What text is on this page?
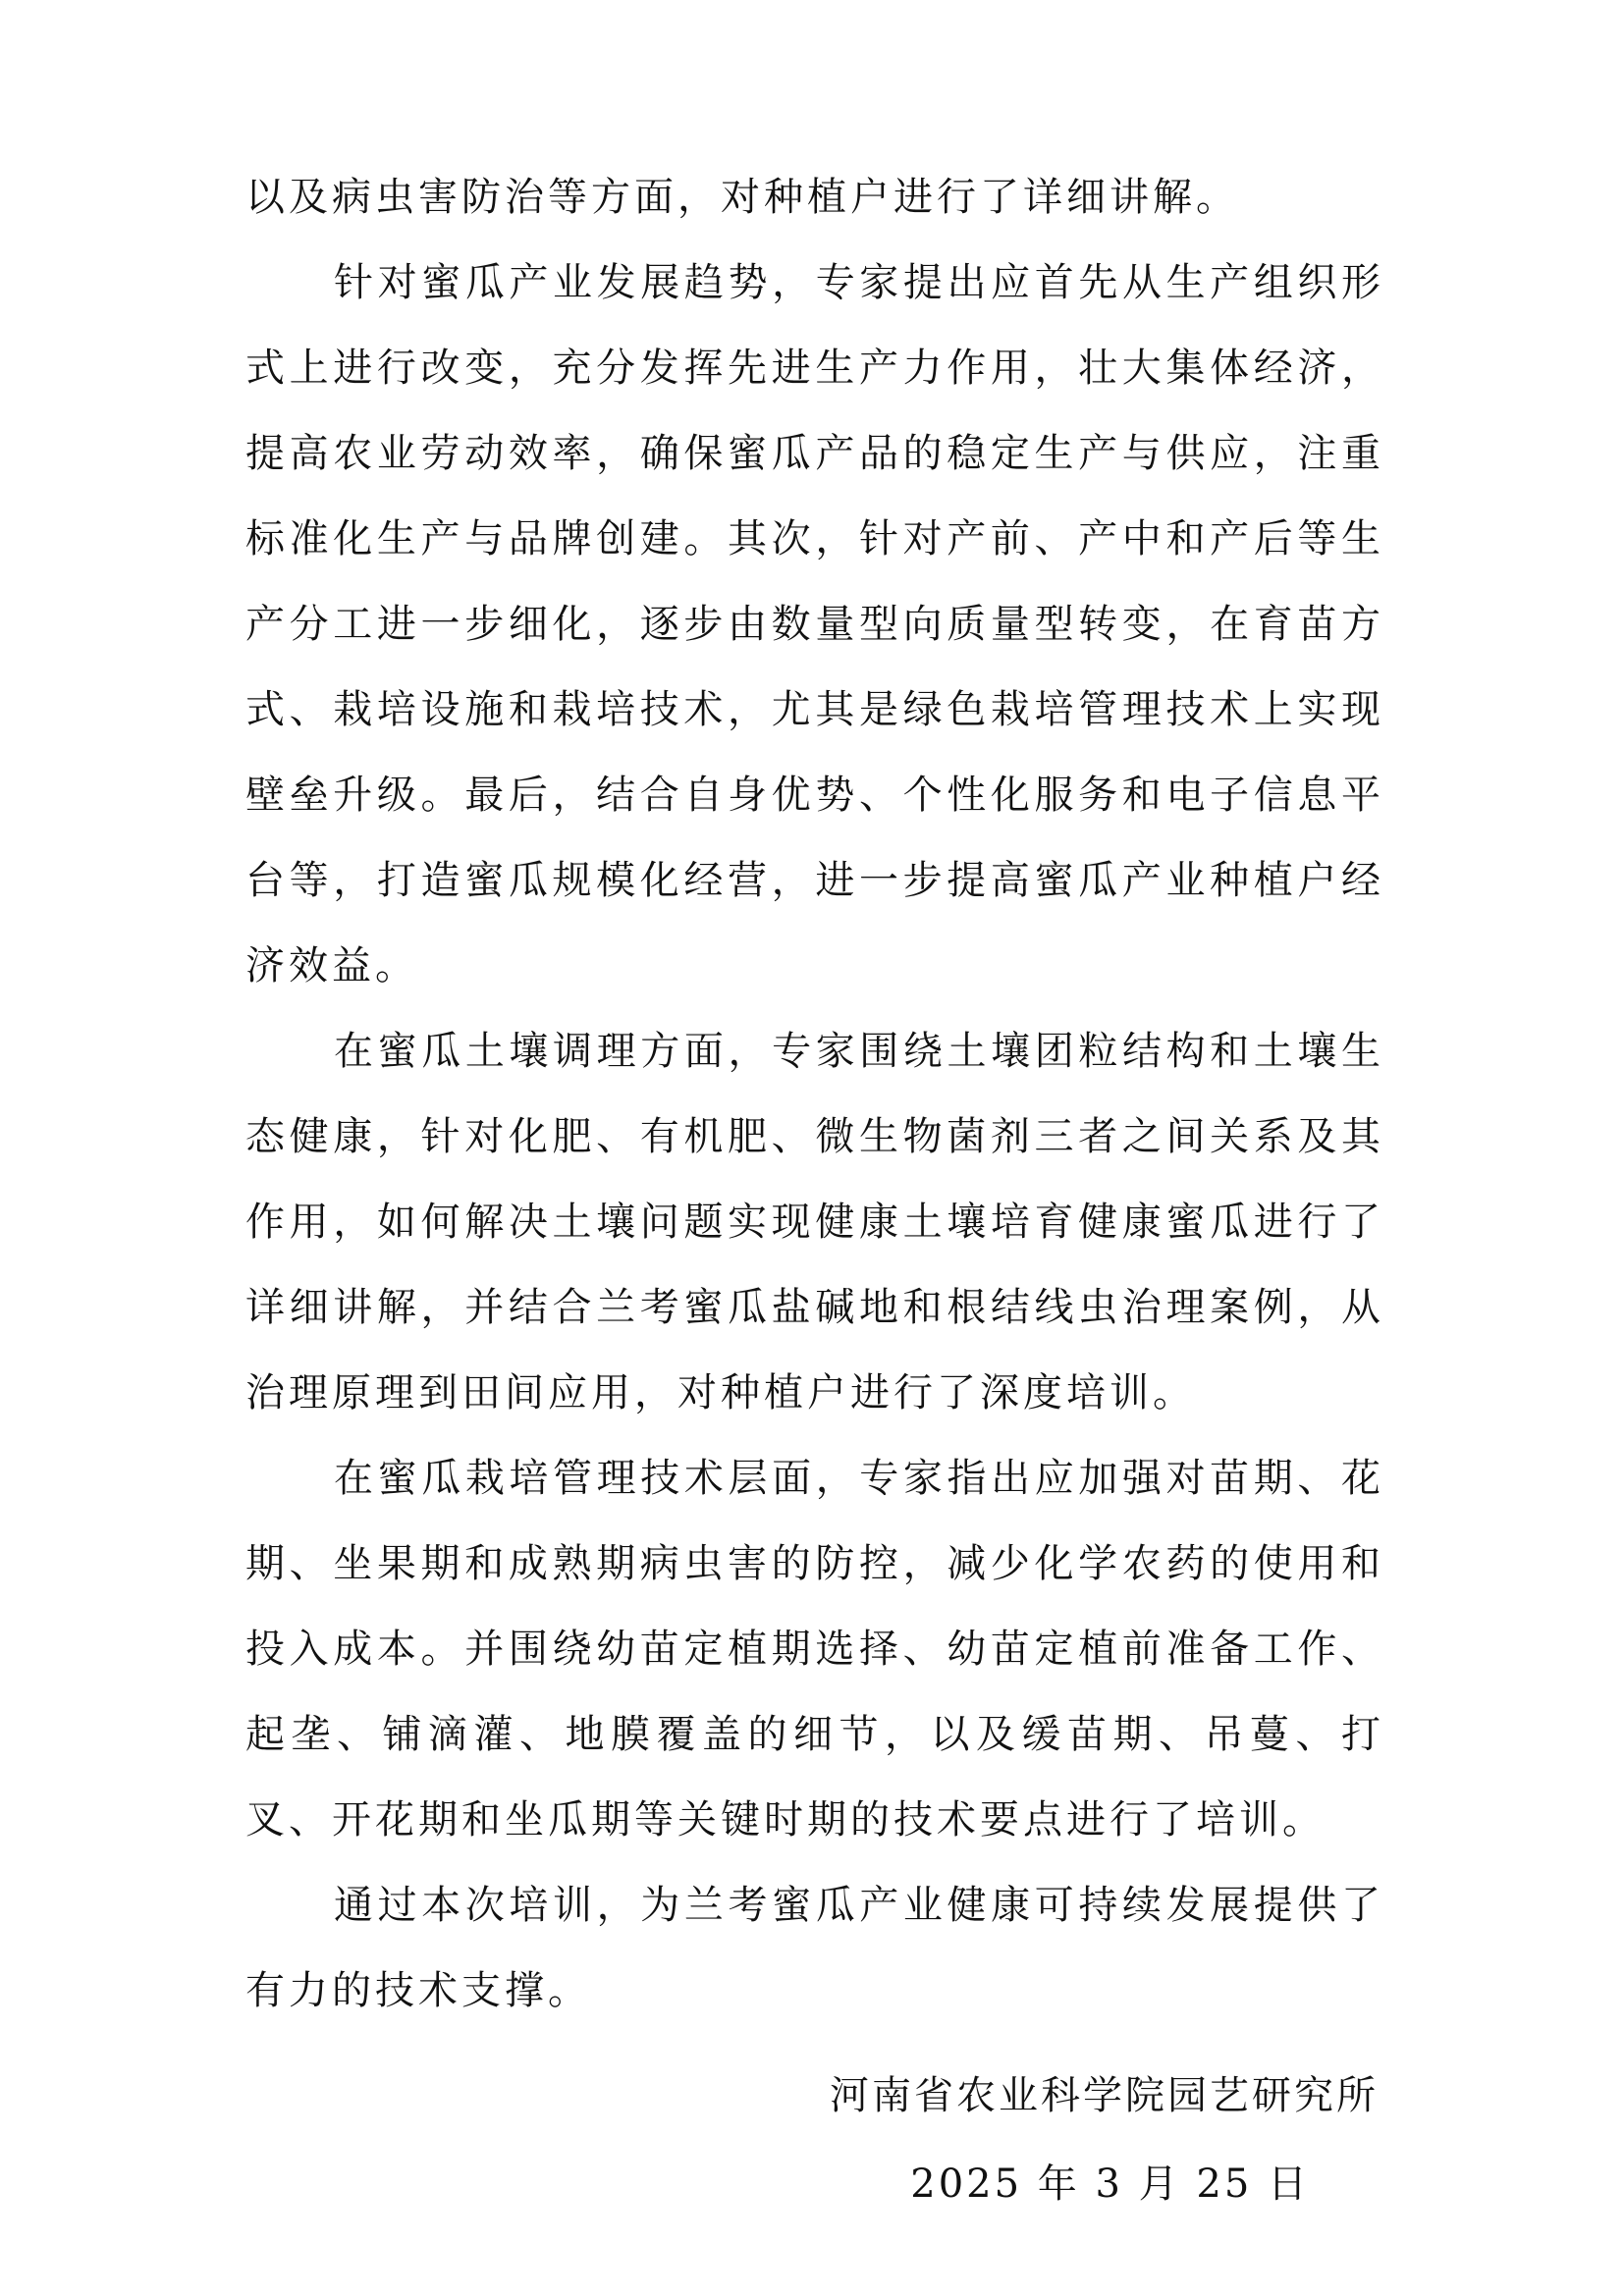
以及病虫害防治等方面，对种植户进行了详细讲解。

针对蜜瓜产业发展趋势，专家提出应首先从生产组织形式上进行改变，充分发挥先进生产力作用，壮大集体经济，提高农业劳动效率，确保蜜瓜产品的稳定生产与供应，注重标准化生产与品牌创建。其次，针对产前、产中和产后等生产分工进一步细化，逐步由数量型向质量型转变，在育苗方式、栽培设施和栽培技术，尤其是绿色栽培管理技术上实现壁垒升级。最后，结合自身优势、个性化服务和电子信息平台等，打造蜜瓜规模化经营，进一步提高蜜瓜产业种植户经济效益。

在蜜瓜土壤调理方面，专家围绕土壤团粒结构和土壤生态健康，针对化肥、有机肥、微生物菌剂三者之间关系及其作用，如何解决土壤问题实现健康土壤培育健康蜜瓜进行了详细讲解，并结合兰考蜜瓜盐碱地和根结线虫治理案例，从治理原理到田间应用，对种植户进行了深度培训。

在蜜瓜栽培管理技术层面，专家指出应加强对苗期、花期、坐果期和成熟期病虫害的防控，减少化学农药的使用和投入成本。并围绕幼苗定植期选择、幼苗定植前准备工作、起垄、铺滴灌、地膜覆盖的细节，以及缓苗期、吊蔓、打叉、开花期和坐瓜期等关键时期的技术要点进行了培训。

通过本次培训，为兰考蜜瓜产业健康可持续发展提供了有力的技术支撑。

河南省农业科学院园艺研究所
2025 年 3 月 25 日
